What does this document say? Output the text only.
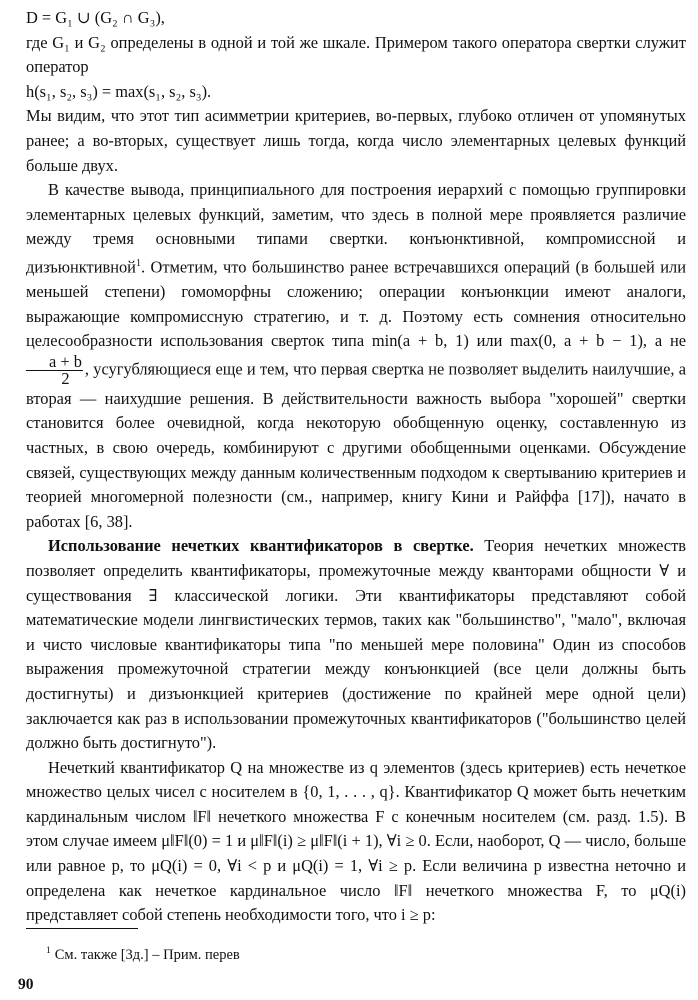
D = G₁ ∪ (G₂ ∩ G₃),

где G₁ и G₂ определены в одной и той же шкале. Примером такого оператора свертки служит оператор

h(s₁, s₂, s₃) = max(s₁, s₂, s₃).

Мы видим, что этот тип асимметрии критериев, во-первых, глубоко отличен от упомянутых ранее; а во-вторых, существует лишь тогда, когда число элементарных целевых функций больше двух.

В качестве вывода, принципиального для построения иерархий с помощью группировки элементарных целевых функций, заметим, что здесь в полной мере проявляется различие между тремя основными типами свертки. конъюнктивной, компромиссной и дизъюнктивной$^1$. Отметим, что большинство ранее встречавшихся операций (в большей или меньшей степени) гомоморфны сложению; операции конъюнкции имеют аналоги, выражающие компромиссную стратегию, и т. д. Поэтому есть сомнения относительно целесообразности использования сверток типа min(a + b, 1) или max(0, a + b − 1), а не
$\frac{a + b}{2}$ , усугубляющиеся еще и тем, что первая свертка не позволяет выделить наилучшие, а вторая — наихудшие решения. В действительности важность выбора "хорошей" свертки становится более очевидной, когда некоторую обобщенную оценку, составленную из частных, в свою очередь, комбинируют с другими обобщенными оценками. Обсуждение связей, существующих между данным количественным подходом к свертыванию критериев и теорией многомерной полезности (см., например, книгу Кини и Райффа [17]), начато в работах [6, 38].

Использование нечетких квантификаторов в свертке. Теория нечетких множеств позволяет определить квантификаторы, промежуточные между кванторами общности ∀ и существования ∃ классической логики. Эти квантификаторы представляют собой математические модели лингвистических термов, таких как "большинство", "мало", включая и чисто числовые квантификаторы типа "по меньшей мере половина" Один из способов выражения промежуточной стратегии между конъюнкцией (все цели должны быть достигнуты) и дизъюнкцией критериев (достижение по крайней мере одной цели) заключается как раз в использовании промежуточных квантификаторов ("большинство целей должно быть достигнуто").

Нечеткий квантификатор Q на множестве из q элементов (здесь критериев) есть нечеткое множество целых чисел с носителем в {0, 1, . . . , q}. Квантификатор Q может быть нечетким кардинальным числом ‖F‖ нечеткого множества F с конечным носителем (см. разд. 1.5). В этом случае имеем μ‖F‖(0) = 1 и μ‖F‖(i) ≥ μ‖F‖(i + 1), ∀i ≥ 0. Если, наоборот, Q — число, больше или равное p, то μQ(i) = 0, ∀i < p и μQ(i) = 1, ∀i ≥ p. Если величина p известна неточно и определена как нечеткое кардинальное число ‖F‖ нечеткого множества F, то μQ(i) представляет собой степень необходимости того, что i ≥ p:

$^1$ См. также [3д.] – Прим. перев
90
